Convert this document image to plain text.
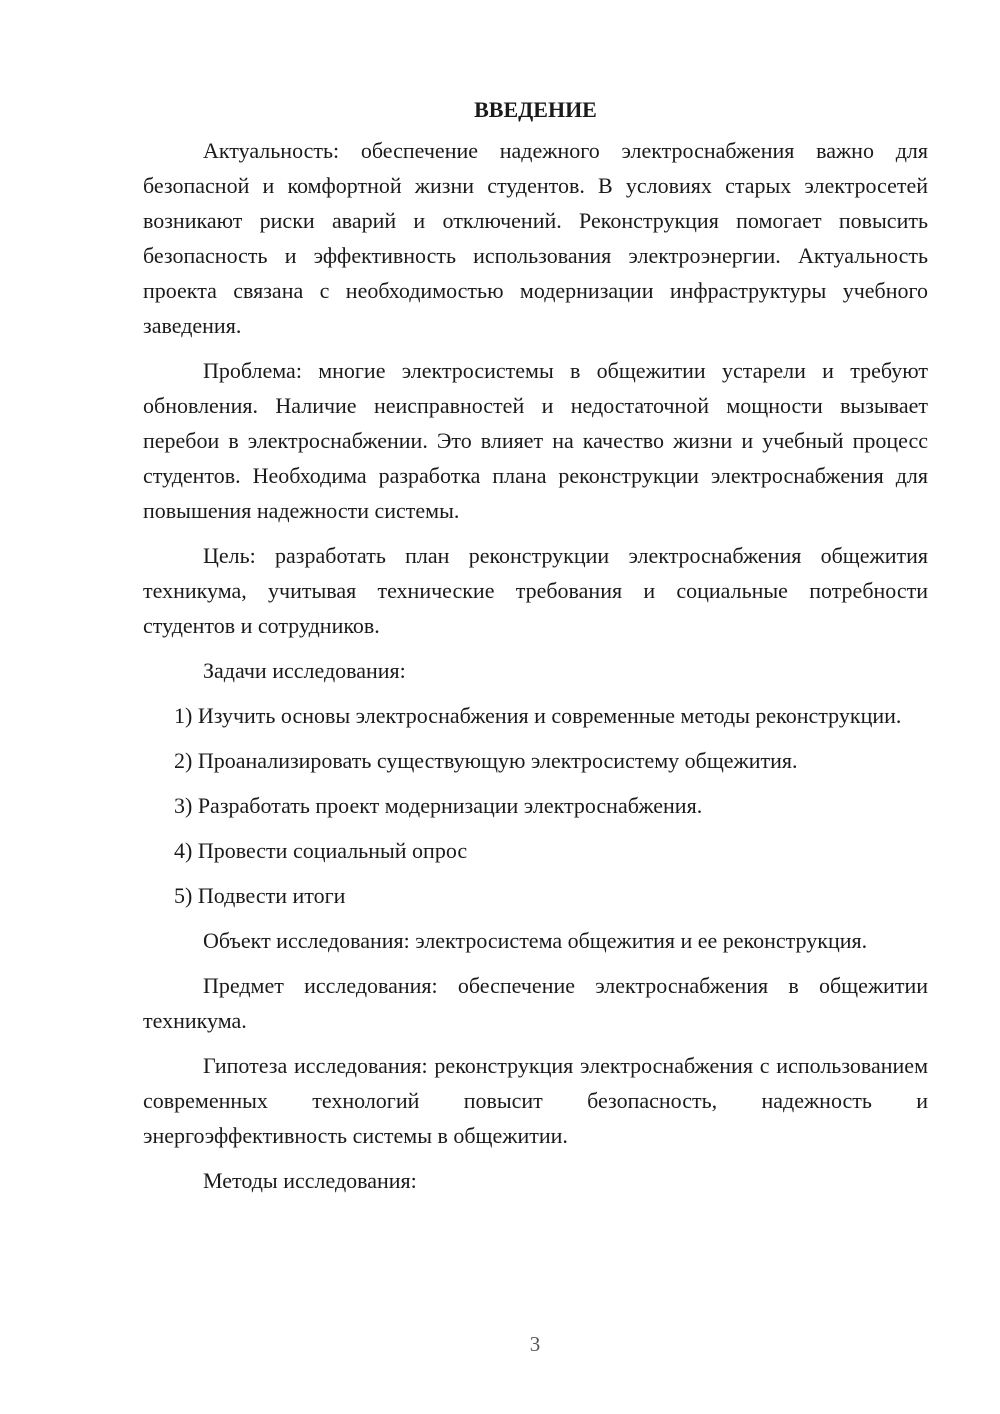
ВВЕДЕНИЕ

Актуальность: обеспечение надежного электроснабжения важно для безопасной и комфортной жизни студентов. В условиях старых электросетей возникают риски аварий и отключений. Реконструкция помогает повысить безопасность и эффективность использования электроэнергии. Актуальность проекта связана с необходимостью модернизации инфраструктуры учебного заведения.

Проблема: многие электросистемы в общежитии устарели и требуют обновления. Наличие неисправностей и недостаточной мощности вызывает перебои в электроснабжении. Это влияет на качество жизни и учебный процесс студентов. Необходима разработка плана реконструкции электроснабжения для повышения надежности системы.

Цель: разработать план реконструкции электроснабжения общежития техникума, учитывая технические требования и социальные потребности студентов и сотрудников.

Задачи исследования:

1) Изучить основы электроснабжения и современные методы реконструкции.

2) Проанализировать существующую электросистему общежития.

3) Разработать проект модернизации электроснабжения.

4) Провести социальный опрос

5) Подвести итоги

Объект исследования: электросистема общежития и ее реконструкция.

Предмет исследования: обеспечение электроснабжения в общежитии техникума.

Гипотеза исследования: реконструкция электроснабжения с использованием современных технологий повысит безопасность, надежность и энергоэффективность системы в общежитии.

Методы исследования:

3
